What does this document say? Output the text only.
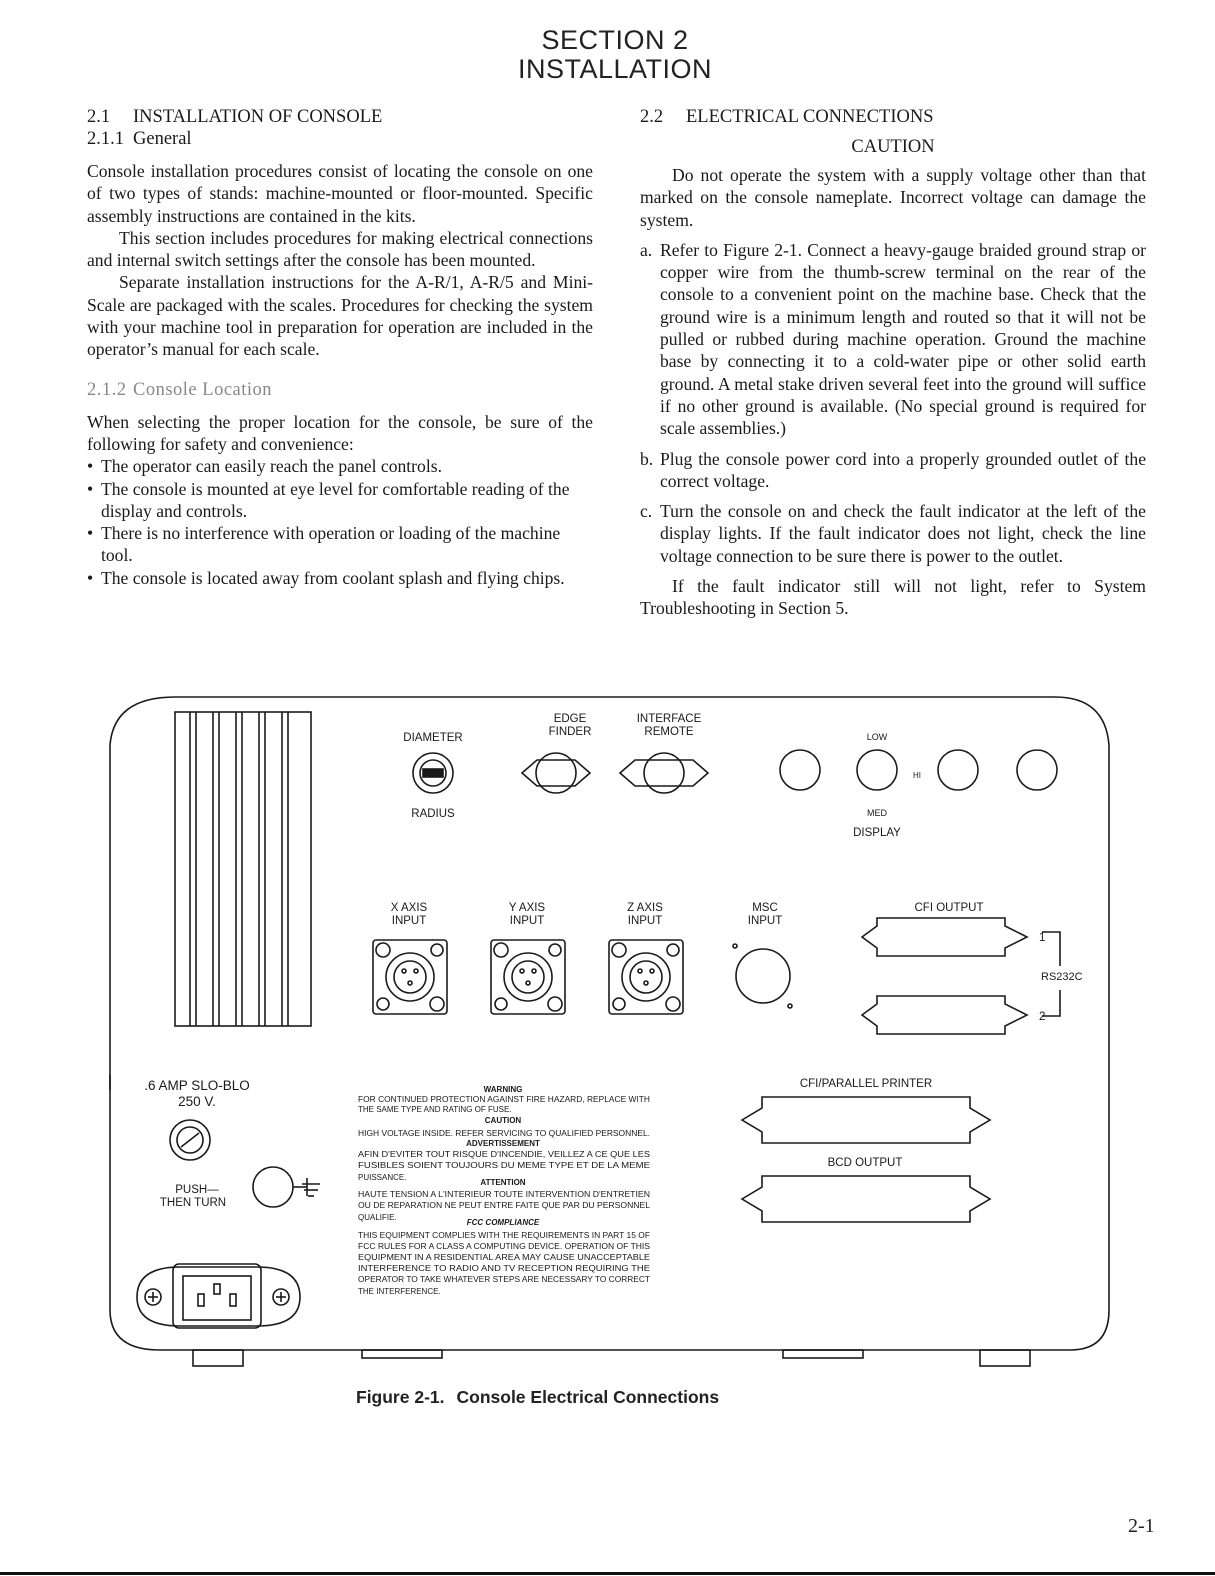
SECTION 2
INSTALLATION
2.1 INSTALLATION OF CONSOLE
2.1.1 General

Console installation procedures consist of locating the console on one of two types of stands: machine-mounted or floor-mounted. Specific assembly instructions are contained in the kits.

This section includes procedures for making electrical connections and internal switch settings after the console has been mounted.

Separate installation instructions for the A-R/1, A-R/5 and Mini-Scale are packaged with the scales. Procedures for checking the system with your machine tool in preparation for operation are included in the operator’s manual for each scale.

2.1.2 Console Location

When selecting the proper location for the console, be sure of the following for safety and convenience:

• The operator can easily reach the panel controls.
• The console is mounted at eye level for comfortable reading of the display and controls.
• There is no interference with operation or loading of the machine tool.
• The console is located away from coolant splash and flying chips.
2.2 ELECTRICAL CONNECTIONS
CAUTION

Do not operate the system with a supply voltage other than that marked on the console nameplate. Incorrect voltage can damage the system.

a. Refer to Figure 2-1. Connect a heavy-gauge braided ground strap or copper wire from the thumb-screw terminal on the rear of the console to a convenient point on the machine base. Check that the ground wire is a minimum length and routed so that it will not be pulled or rubbed during machine operation. Ground the machine base by connecting it to a cold-water pipe or other solid earth ground. A metal stake driven several feet into the ground will suffice if no other ground is available. (No special ground is required for scale assemblies.)
b. Plug the console power cord into a properly grounded outlet of the correct voltage.
c. Turn the console on and check the fault indicator at the left of the display lights. If the fault indicator does not light, check the line voltage connection to be sure there is power to the outlet.

If the fault indicator still will not light, refer to System Troubleshooting in Section 5.

DIAMETER
RADIUS
EDGE
FINDER
INTERFACE
REMOTE	LOW
HI
MED
DISPLAY
X AXIS
INPUT
Y AXIS
INPUT
Z AXIS
INPUT
MSC
INPUT
CFI OUTPUT
1
2
RS232C
.6 AMP SLO-BLO
250 V.
PUSH—
THEN TURN
CFI/PARALLEL PRINTER
BCD OUTPUT
WARNING
FOR CONTINUED PROTECTION AGAINST FIRE HAZARD, REPLACE WITH
THE SAME TYPE AND RATING OF FUSE.
CAUTION
HIGH VOLTAGE INSIDE. REFER SERVICING TO QUALIFIED PERSONNEL.
ADVERTISSEMENT
AFIN D'EVITER TOUT RISQUE D'INCENDIE, VEILLEZ A CE QUE LES
FUSIBLES SOIENT TOUJOURS DU MEME TYPE ET DE LA MEME
PUISSANCE.
ATTENTION
HAUTE TENSION A L'INTERIEUR TOUTE INTERVENTION D'ENTRETIEN
OU DE REPARATION NE PEUT ENTRE FAITE QUE PAR DU PERSONNEL
QUALIFIE.
FCC COMPLIANCE
THIS EQUIPMENT COMPLIES WITH THE REQUIREMENTS IN PART 15 OF
FCC RULES FOR A CLASS A COMPUTING DEVICE. OPERATION OF THIS
EQUIPMENT IN A RESIDENTIAL AREA MAY CAUSE UNACCEPTABLE
INTERFERENCE TO RADIO AND TV RECEPTION REQUIRING THE
OPERATOR TO TAKE WHATEVER STEPS ARE NECESSARY TO CORRECT
THE INTERFERENCE.
Figure 2-1. Console Electrical Connections
2-1
